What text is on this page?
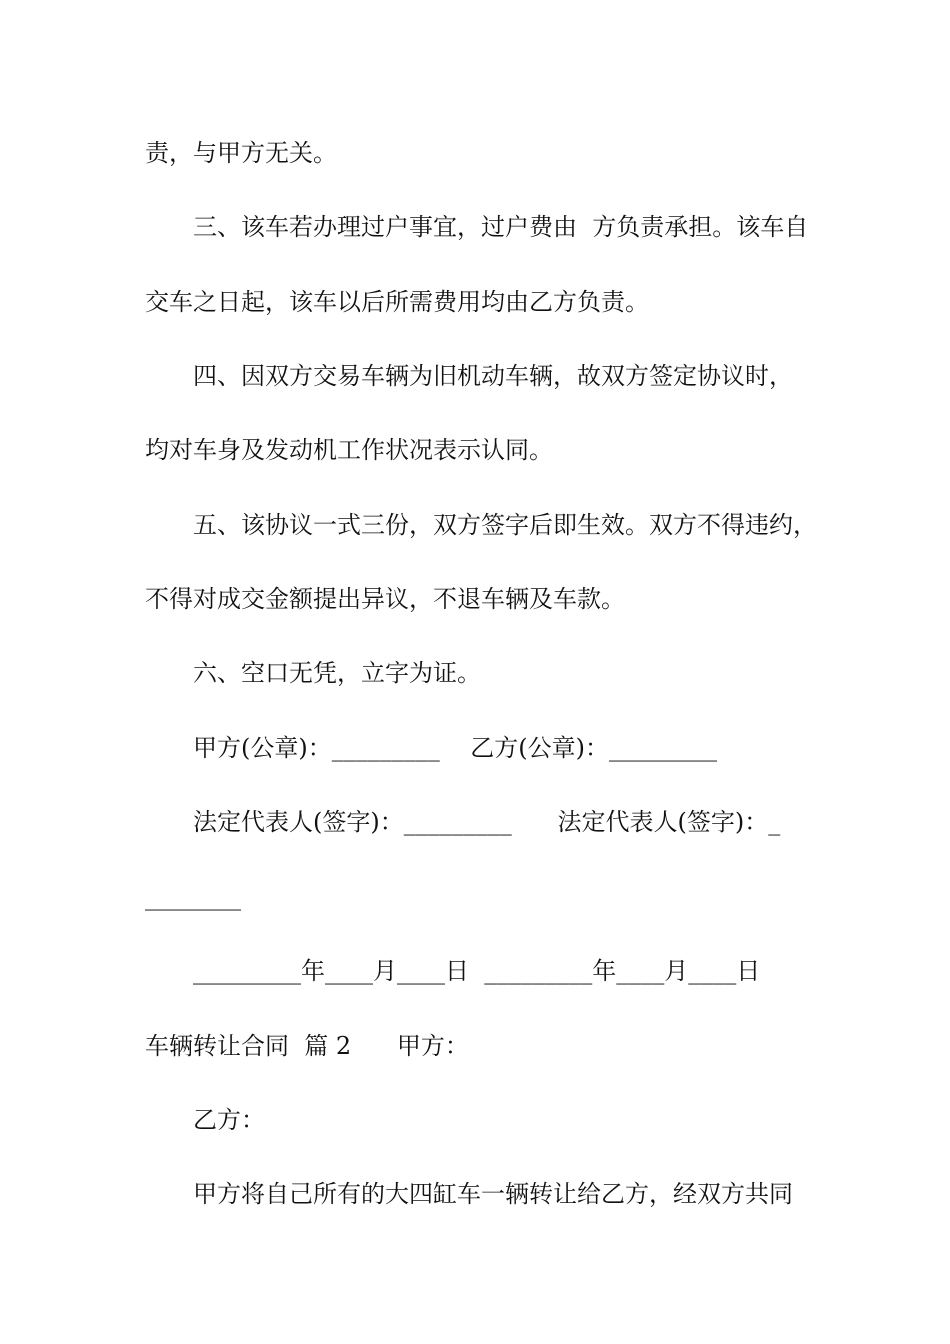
责，与甲方无关。

三、该车若办理过户事宜，过户费由  方负责承担。该车自

交车之日起，该车以后所需费用均由乙方负责。

四、因双方交易车辆为旧机动车辆，故双方签定协议时，

均对车身及发动机工作状况表示认同。

五、该协议一式三份，双方签字后即生效。双方不得违约，

不得对成交金额提出异议，不退车辆及车款。

六、空口无凭，立字为证。

甲方(公章)：_________    乙方(公章)：_________

法定代表人(签字)：_________      法定代表人(签字)：_

________

_________年____月____日  _________年____月____日

车辆转让合同  篇 2      甲方：

乙方：

甲方将自己所有的大四缸车一辆转让给乙方，经双方共同
